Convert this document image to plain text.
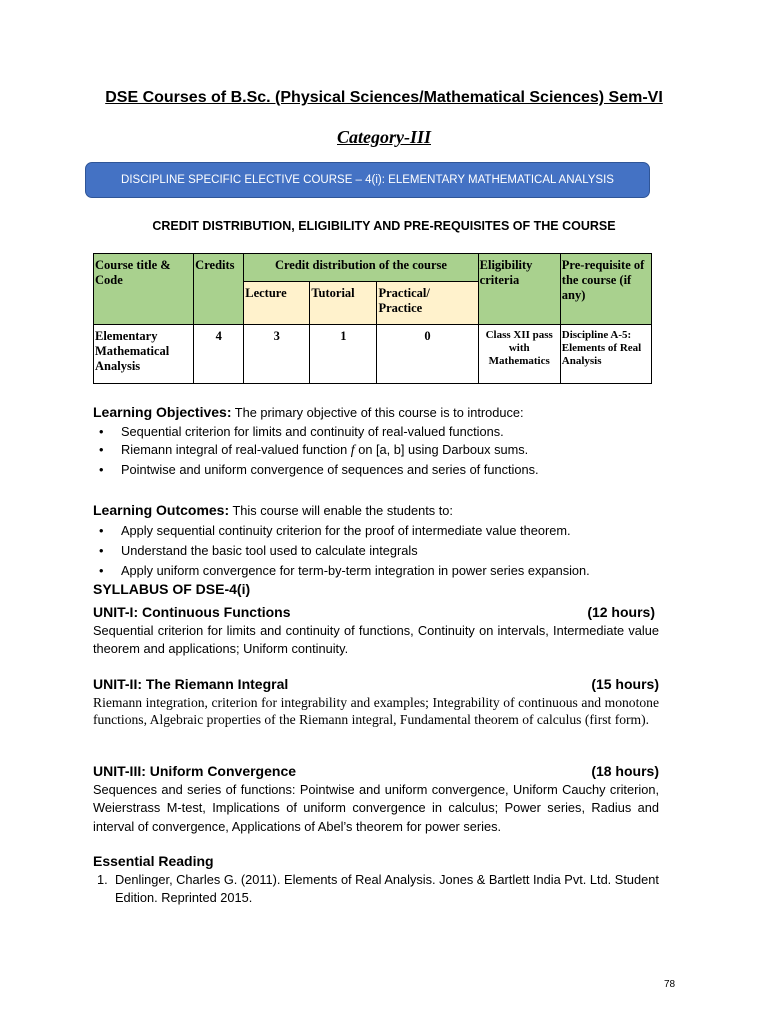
DSE Courses of B.Sc. (Physical Sciences/Mathematical Sciences) Sem-VI
Category-III
DISCIPLINE SPECIFIC ELECTIVE COURSE – 4(i): ELEMENTARY MATHEMATICAL ANALYSIS
CREDIT DISTRIBUTION, ELIGIBILITY AND PRE-REQUISITES OF THE COURSE
Course title & Code	Credits	Credit distribution of the course			Eligibility criteria	Pre-requisite of the course (if any)
		Lecture	Tutorial	Practical/ Practice		
Elementary Mathematical Analysis	4	3	1	0	Class XII pass with Mathematics	Discipline A-5: Elements of Real Analysis
Learning Objectives: The primary objective of this course is to introduce:
• Sequential criterion for limits and continuity of real-valued functions.
• Riemann integral of real-valued function f on [a, b] using Darboux sums.
• Pointwise and uniform convergence of sequences and series of functions.
Learning Outcomes: This course will enable the students to:
• Apply sequential continuity criterion for the proof of intermediate value theorem.
• Understand the basic tool used to calculate integrals
• Apply uniform convergence for term-by-term integration in power series expansion.
SYLLABUS OF DSE-4(i)
UNIT-I: Continuous Functions	(12 hours)
Sequential criterion for limits and continuity of functions, Continuity on intervals, Intermediate value theorem and applications; Uniform continuity.
UNIT-II: The Riemann Integral	(15 hours)
Riemann integration, criterion for integrability and examples; Integrability of continuous and monotone functions, Algebraic properties of the Riemann integral, Fundamental theorem of calculus (first form).
UNIT-III: Uniform Convergence	(18 hours)
Sequences and series of functions: Pointwise and uniform convergence, Uniform Cauchy criterion, Weierstrass M-test, Implications of uniform convergence in calculus; Power series, Radius and interval of convergence, Applications of Abel’s theorem for power series.
Essential Reading
1. Denlinger, Charles G. (2011). Elements of Real Analysis. Jones & Bartlett India Pvt. Ltd. Student Edition. Reprinted 2015.
78
